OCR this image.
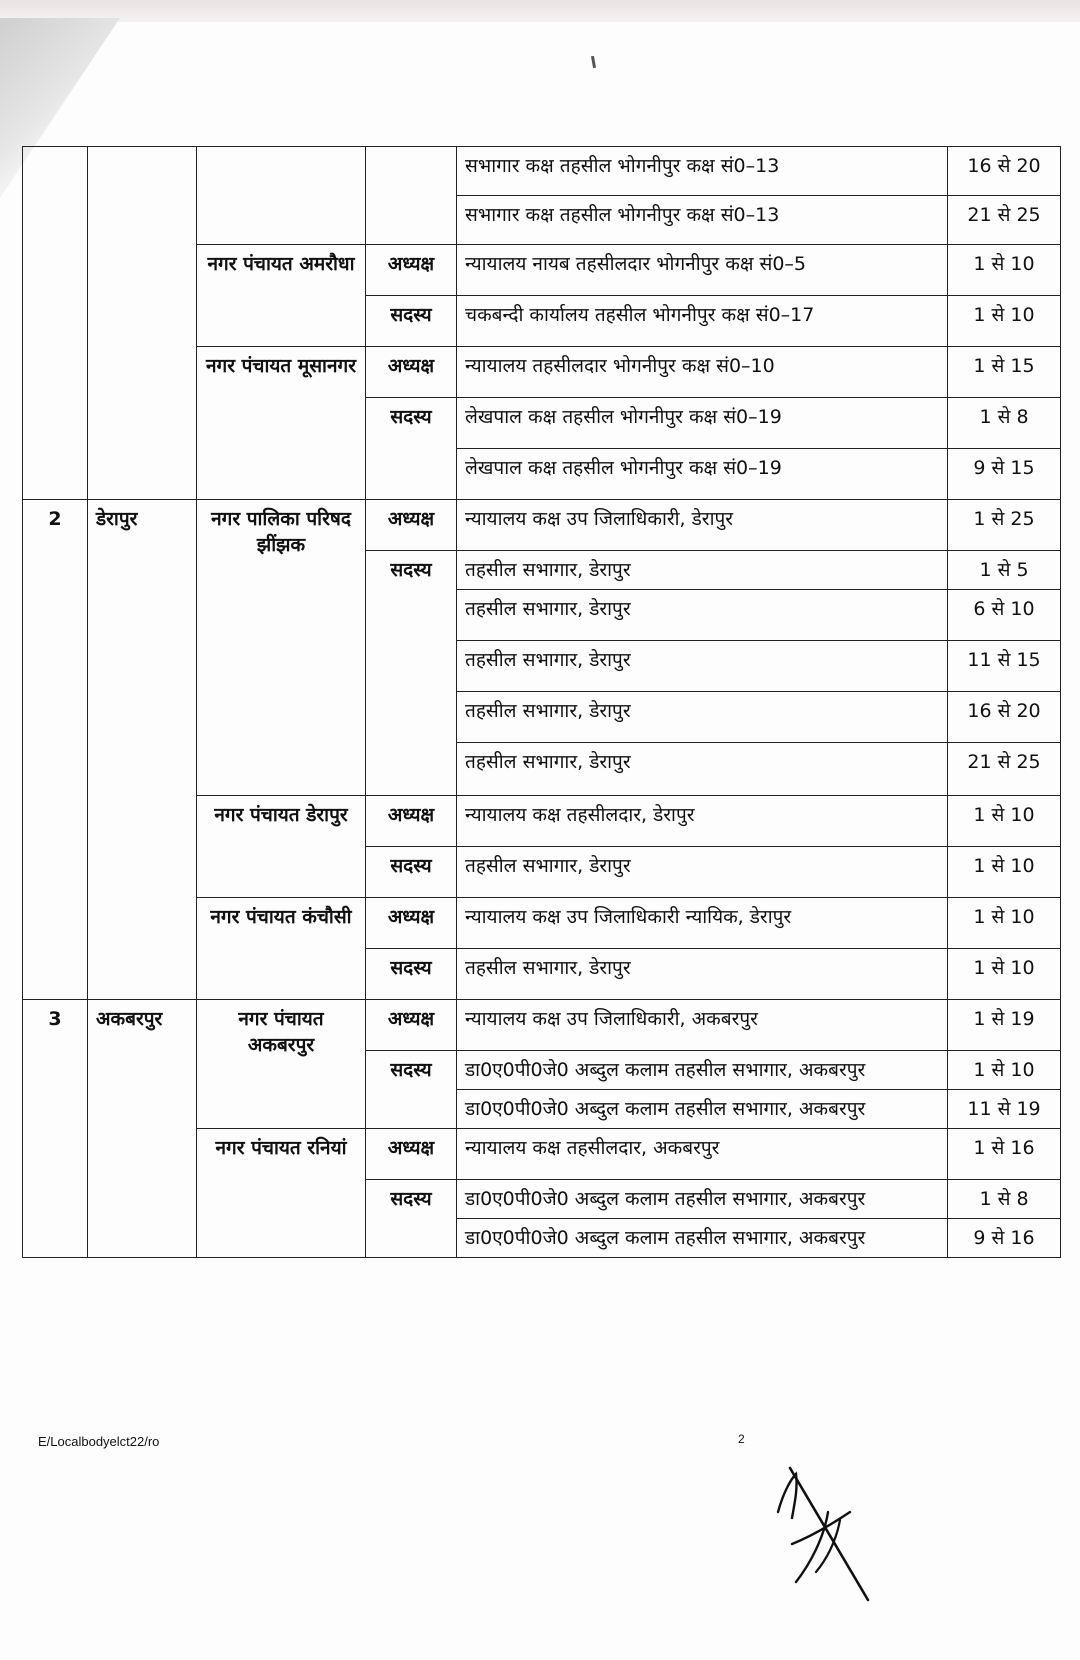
				सभागार कक्ष तहसील भोगनीपुर कक्ष सं0–13	16 से 20
				सभागार कक्ष तहसील भोगनीपुर कक्ष सं0–13	21 से 25
		नगर पंचायत अमरौधा	अध्यक्ष	न्यायालय नायब तहसीलदार भोगनीपुर कक्ष सं0–5	1 से 10
			सदस्य	चकबन्दी कार्यालय तहसील भोगनीपुर कक्ष सं0–17	1 से 10
		नगर पंचायत मूसानगर	अध्यक्ष	न्यायालय तहसीलदार भोगनीपुर कक्ष सं0–10	1 से 15
			सदस्य	लेखपाल कक्ष तहसील भोगनीपुर कक्ष सं0–19	1 से 8
				लेखपाल कक्ष तहसील भोगनीपुर कक्ष सं0–19	9 से 15
2	डेरापुर	नगर पालिका परिषद झींझक	अध्यक्ष	न्यायालय कक्ष उप जिलाधिकारी, डेरापुर	1 से 25
			सदस्य	तहसील सभागार, डेरापुर	1 से 5
				तहसील सभागार, डेरापुर	6 से 10
				तहसील सभागार, डेरापुर	11 से 15
				तहसील सभागार, डेरापुर	16 से 20
				तहसील सभागार, डेरापुर	21 से 25
		नगर पंचायत डेरापुर	अध्यक्ष	न्यायालय कक्ष तहसीलदार, डेरापुर	1 से 10
			सदस्य	तहसील सभागार, डेरापुर	1 से 10
		नगर पंचायत कंचौसी	अध्यक्ष	न्यायालय कक्ष उप जिलाधिकारी न्यायिक, डेरापुर	1 से 10
			सदस्य	तहसील सभागार, डेरापुर	1 से 10
3	अकबरपुर	नगर पंचायत अकबरपुर	अध्यक्ष	न्यायालय कक्ष उप जिलाधिकारी, अकबरपुर	1 से 19
			सदस्य	डा0ए0पी0जे0 अब्दुल कलाम तहसील सभागार, अकबरपुर	1 से 10
				डा0ए0पी0जे0 अब्दुल कलाम तहसील सभागार, अकबरपुर	11 से 19
		नगर पंचायत रनियां	अध्यक्ष	न्यायालय कक्ष तहसीलदार, अकबरपुर	1 से 16
			सदस्य	डा0ए0पी0जे0 अब्दुल कलाम तहसील सभागार, अकबरपुर	1 से 8
				डा0ए0पी0जे0 अब्दुल कलाम तहसील सभागार, अकबरपुर	9 से 16
E/Localbodyelct22/ro	2
